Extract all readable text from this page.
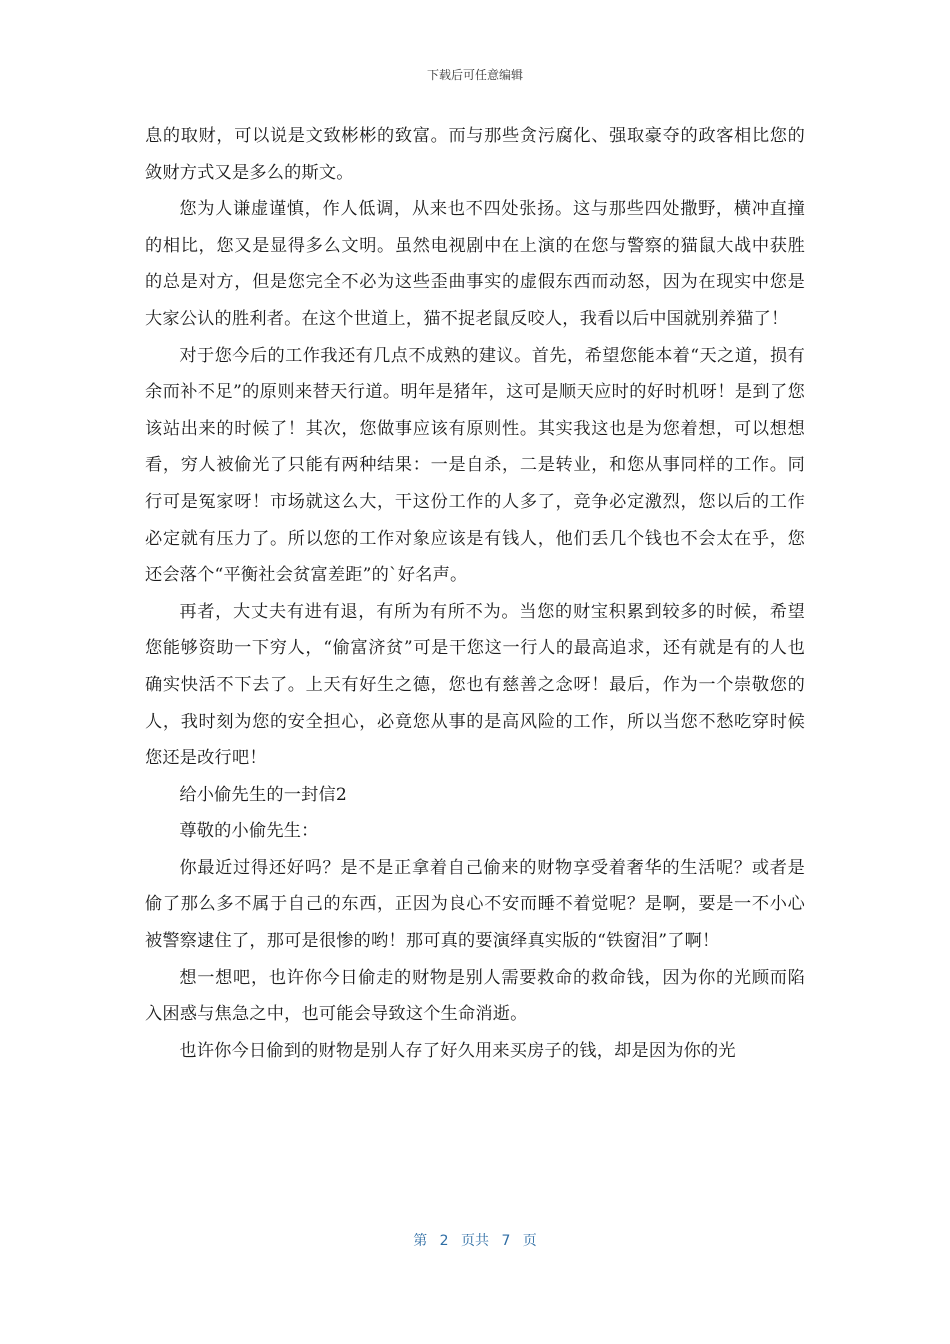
下载后可任意编辑

息的取财，可以说是文致彬彬的致富。而与那些贪污腐化、强取豪夺的政客相比您的敛财方式又是多么的斯文。

您为人谦虚谨慎，作人低调，从来也不四处张扬。这与那些四处撒野，横冲直撞的相比，您又是显得多么文明。虽然电视剧中在上演的在您与警察的猫鼠大战中获胜的总是对方，但是您完全不必为这些歪曲事实的虚假东西而动怒，因为在现实中您是大家公认的胜利者。在这个世道上，猫不捉老鼠反咬人，我看以后中国就别养猫了！

对于您今后的工作我还有几点不成熟的建议。首先，希望您能本着“天之道，损有余而补不足”的原则来替天行道。明年是猪年，这可是顺天应时的好时机呀！是到了您该站出来的时候了！其次，您做事应该有原则性。其实我这也是为您着想，可以想想看，穷人被偷光了只能有两种结果：一是自杀，二是转业，和您从事同样的工作。同行可是冤家呀！市场就这么大，干这份工作的人多了，竞争必定激烈，您以后的工作必定就有压力了。所以您的工作对象应该是有钱人，他们丢几个钱也不会太在乎，您还会落个“平衡社会贫富差距”的`好名声。

再者，大丈夫有进有退，有所为有所不为。当您的财宝积累到较多的时候，希望您能够资助一下穷人，“偷富济贫”可是干您这一行人的最高追求，还有就是有的人也确实快活不下去了。上天有好生之德，您也有慈善之念呀！最后，作为一个崇敬您的人，我时刻为您的安全担心，必竟您从事的是高风险的工作，所以当您不愁吃穿时候您还是改行吧！

给小偷先生的一封信2

尊敬的小偷先生：

你最近过得还好吗？是不是正拿着自己偷来的财物享受着奢华的生活呢？或者是偷了那么多不属于自己的东西，正因为良心不安而睡不着觉呢？是啊，要是一不小心被警察逮住了，那可是很惨的哟！那可真的要演绎真实版的“铁窗泪”了啊！

想一想吧，也许你今日偷走的财物是别人需要救命的救命钱，因为你的光顾而陷入困惑与焦急之中，也可能会导致这个生命消逝。

也许你今日偷到的财物是别人存了好久用来买房子的钱，却是因为你的光

第 2 页共 7 页
